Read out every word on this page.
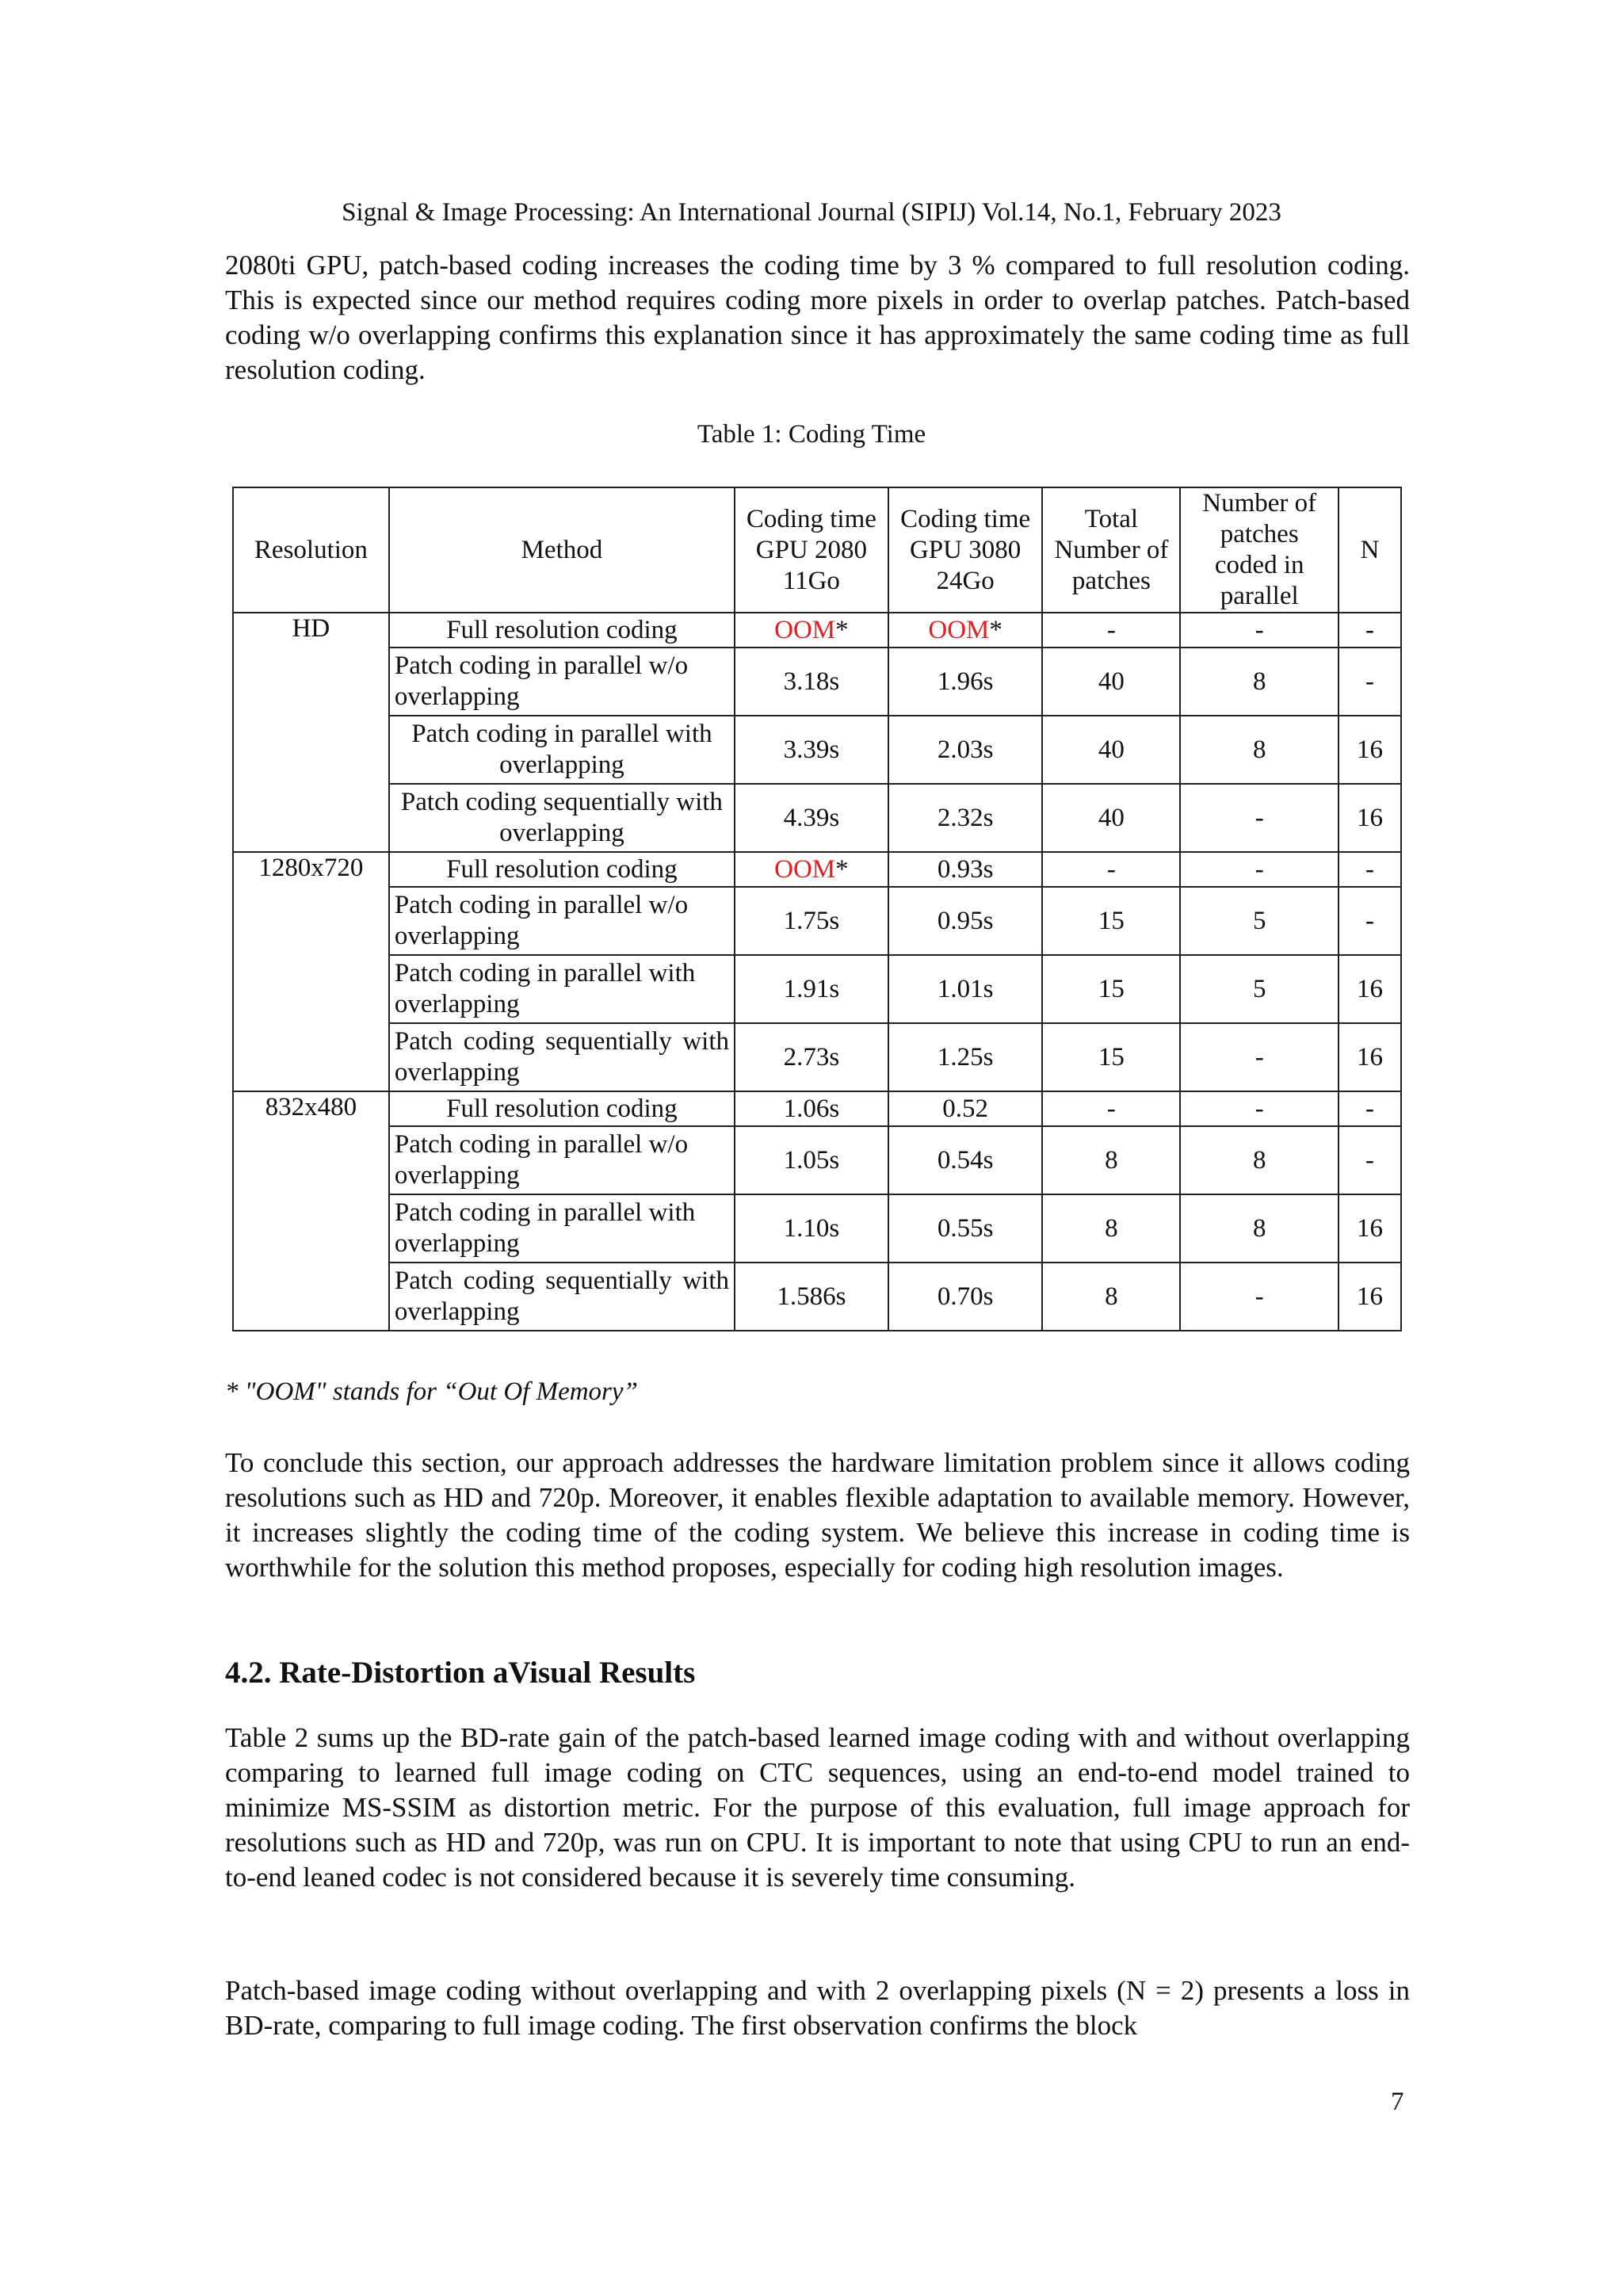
Signal & Image Processing: An International Journal (SIPIJ) Vol.14, No.1, February 2023
2080ti GPU, patch-based coding increases the coding time by 3 % compared to full resolution coding. This is expected since our method requires coding more pixels in order to overlap patches. Patch-based coding w/o overlapping confirms this explanation since it has approximately the same coding time as full resolution coding.
Table 1: Coding Time
Resolution	Method	Coding time GPU 2080 11Go	Coding time GPU 3080 24Go	Total Number of patches	Number of patches coded in parallel	N
HD	Full resolution coding	OOM*	OOM*	-	-	-
	Patch coding in parallel w/o overlapping	3.18s	1.96s	40	8	-
	Patch coding in parallel with overlapping	3.39s	2.03s	40	8	16
	Patch coding sequentially with overlapping	4.39s	2.32s	40	-	16
1280x720	Full resolution coding	OOM*	0.93s	-	-	-
	Patch coding in parallel w/o overlapping	1.75s	0.95s	15	5	-
	Patch coding in parallel with overlapping	1.91s	1.01s	15	5	16
	Patch coding sequentially with overlapping	2.73s	1.25s	15	-	16
832x480	Full resolution coding	1.06s	0.52	-	-	-
	Patch coding in parallel w/o overlapping	1.05s	0.54s	8	8	-
	Patch coding in parallel with overlapping	1.10s	0.55s	8	8	16
	Patch coding sequentially with overlapping	1.586s	0.70s	8	-	16
* "OOM" stands for “Out Of Memory”
To conclude this section, our approach addresses the hardware limitation problem since it allows coding resolutions such as HD and 720p. Moreover, it enables flexible adaptation to available memory. However, it increases slightly the coding time of the coding system. We believe this increase in coding time is worthwhile for the solution this method proposes, especially for coding high resolution images.
4.2. Rate-Distortion aVisual Results
Table 2 sums up the BD-rate gain of the patch-based learned image coding with and without overlapping comparing to learned full image coding on CTC sequences, using an end-to-end model trained to minimize MS-SSIM as distortion metric. For the purpose of this evaluation, full image approach for resolutions such as HD and 720p, was run on CPU. It is important to note that using CPU to run an end-to-end leaned codec is not considered because it is severely time consuming.
Patch-based image coding without overlapping and with 2 overlapping pixels (N = 2) presents a loss in BD-rate, comparing to full image coding. The first observation confirms the block
7
